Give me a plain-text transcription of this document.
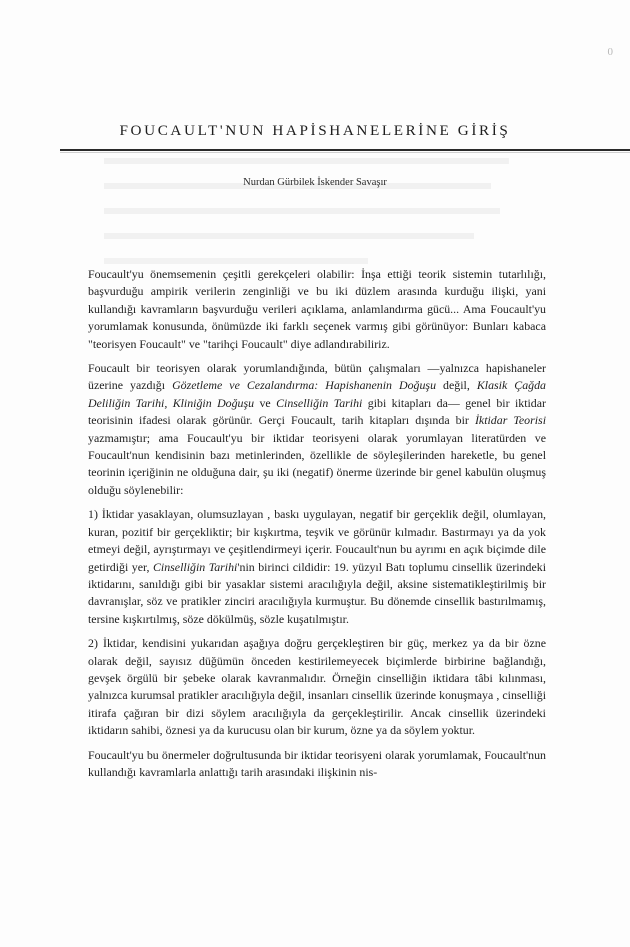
0
FOUCAULT'NUN HAPİSHANELERİNE GİRİŞ
Nurdan Gürbilek İskender Savaşır

Foucault'yu önemsemenin çeşitli gerekçeleri olabilir: İnşa ettiği teorik sistemin tutarlılığı, başvurduğu ampirik verilerin zenginliği ve bu iki düzlem arasında kurduğu ilişki, yani kullandığı kavramların başvurduğu verileri açıklama, anlamlandırma gücü... Ama Foucault'yu yorumlamak konusunda, önümüzde iki farklı seçenek varmış gibi görünüyor: Bunları kabaca "teorisyen Foucault" ve "tarihçi Foucault" diye adlandırabiliriz.

Foucault bir teorisyen olarak yorumlandığında, bütün çalışmaları —yalnızca hapishaneler üzerine yazdığı Gözetleme ve Cezalandırma: Hapishanenin Doğuşu değil, Klasik Çağda Deliliğin Tarihi, Kliniğin Doğuşu ve Cinselliğin Tarihi gibi kitapları da— genel bir iktidar teorisinin ifadesi olarak görünür. Gerçi Foucault, tarih kitapları dışında bir İktidar Teorisi yazmamıştır; ama Foucault'yu bir iktidar teorisyeni olarak yorumlayan literatürden ve Foucault'nun kendisinin bazı metinlerinden, özellikle de söyleşilerinden hareketle, bu genel teorinin içeriğinin ne olduğuna dair, şu iki (negatif) önerme üzerinde bir genel kabulün oluşmuş olduğu söylenebilir:

1) İktidar yasaklayan, olumsuzlayan , baskı uygulayan, negatif bir gerçeklik değil, olumlayan, kuran, pozitif bir gerçekliktir; bir kışkırtma, teşvik ve görünür kılmadır. Bastırmayı ya da yok etmeyi değil, ayrıştırmayı ve çeşitlendirmeyi içerir. Foucault'nun bu ayrımı en açık biçimde dile getirdiği yer, Cinselliğin Tarihi'nin birinci cildidir: 19. yüzyıl Batı toplumu cinsellik üzerindeki iktidarını, sanıldığı gibi bir yasaklar sistemi aracılığıyla değil, aksine sistematikleştirilmiş bir davranışlar, söz ve pratikler zinciri aracılığıyla kurmuştur. Bu dönemde cinsellik bastırılmamış, tersine kışkırtılmış, söze dökülmüş, sözle kuşatılmıştır.

2) İktidar, kendisini yukarıdan aşağıya doğru gerçekleştiren bir güç, merkez ya da bir özne olarak değil, sayısız düğümün önceden kestirilemeyecek biçimlerde birbirine bağlandığı, gevşek örgülü bir şebeke olarak kavranmalıdır. Örneğin cinselliğin iktidara tâbi kılınması, yalnızca kurumsal pratikler aracılığıyla değil, insanları cinsellik üzerinde konuşmaya , cinselliği itirafa çağıran bir dizi söylem aracılığıyla da gerçekleştirilir. Ancak cinsellik üzerindeki iktidarın sahibi, öznesi ya da kurucusu olan bir kurum, özne ya da söylem yoktur.

Foucault'yu bu önermeler doğrultusunda bir iktidar teorisyeni olarak yorumlamak, Foucault'nun kullandığı kavramlarla anlattığı tarih arasındaki ilişkinin nis-
